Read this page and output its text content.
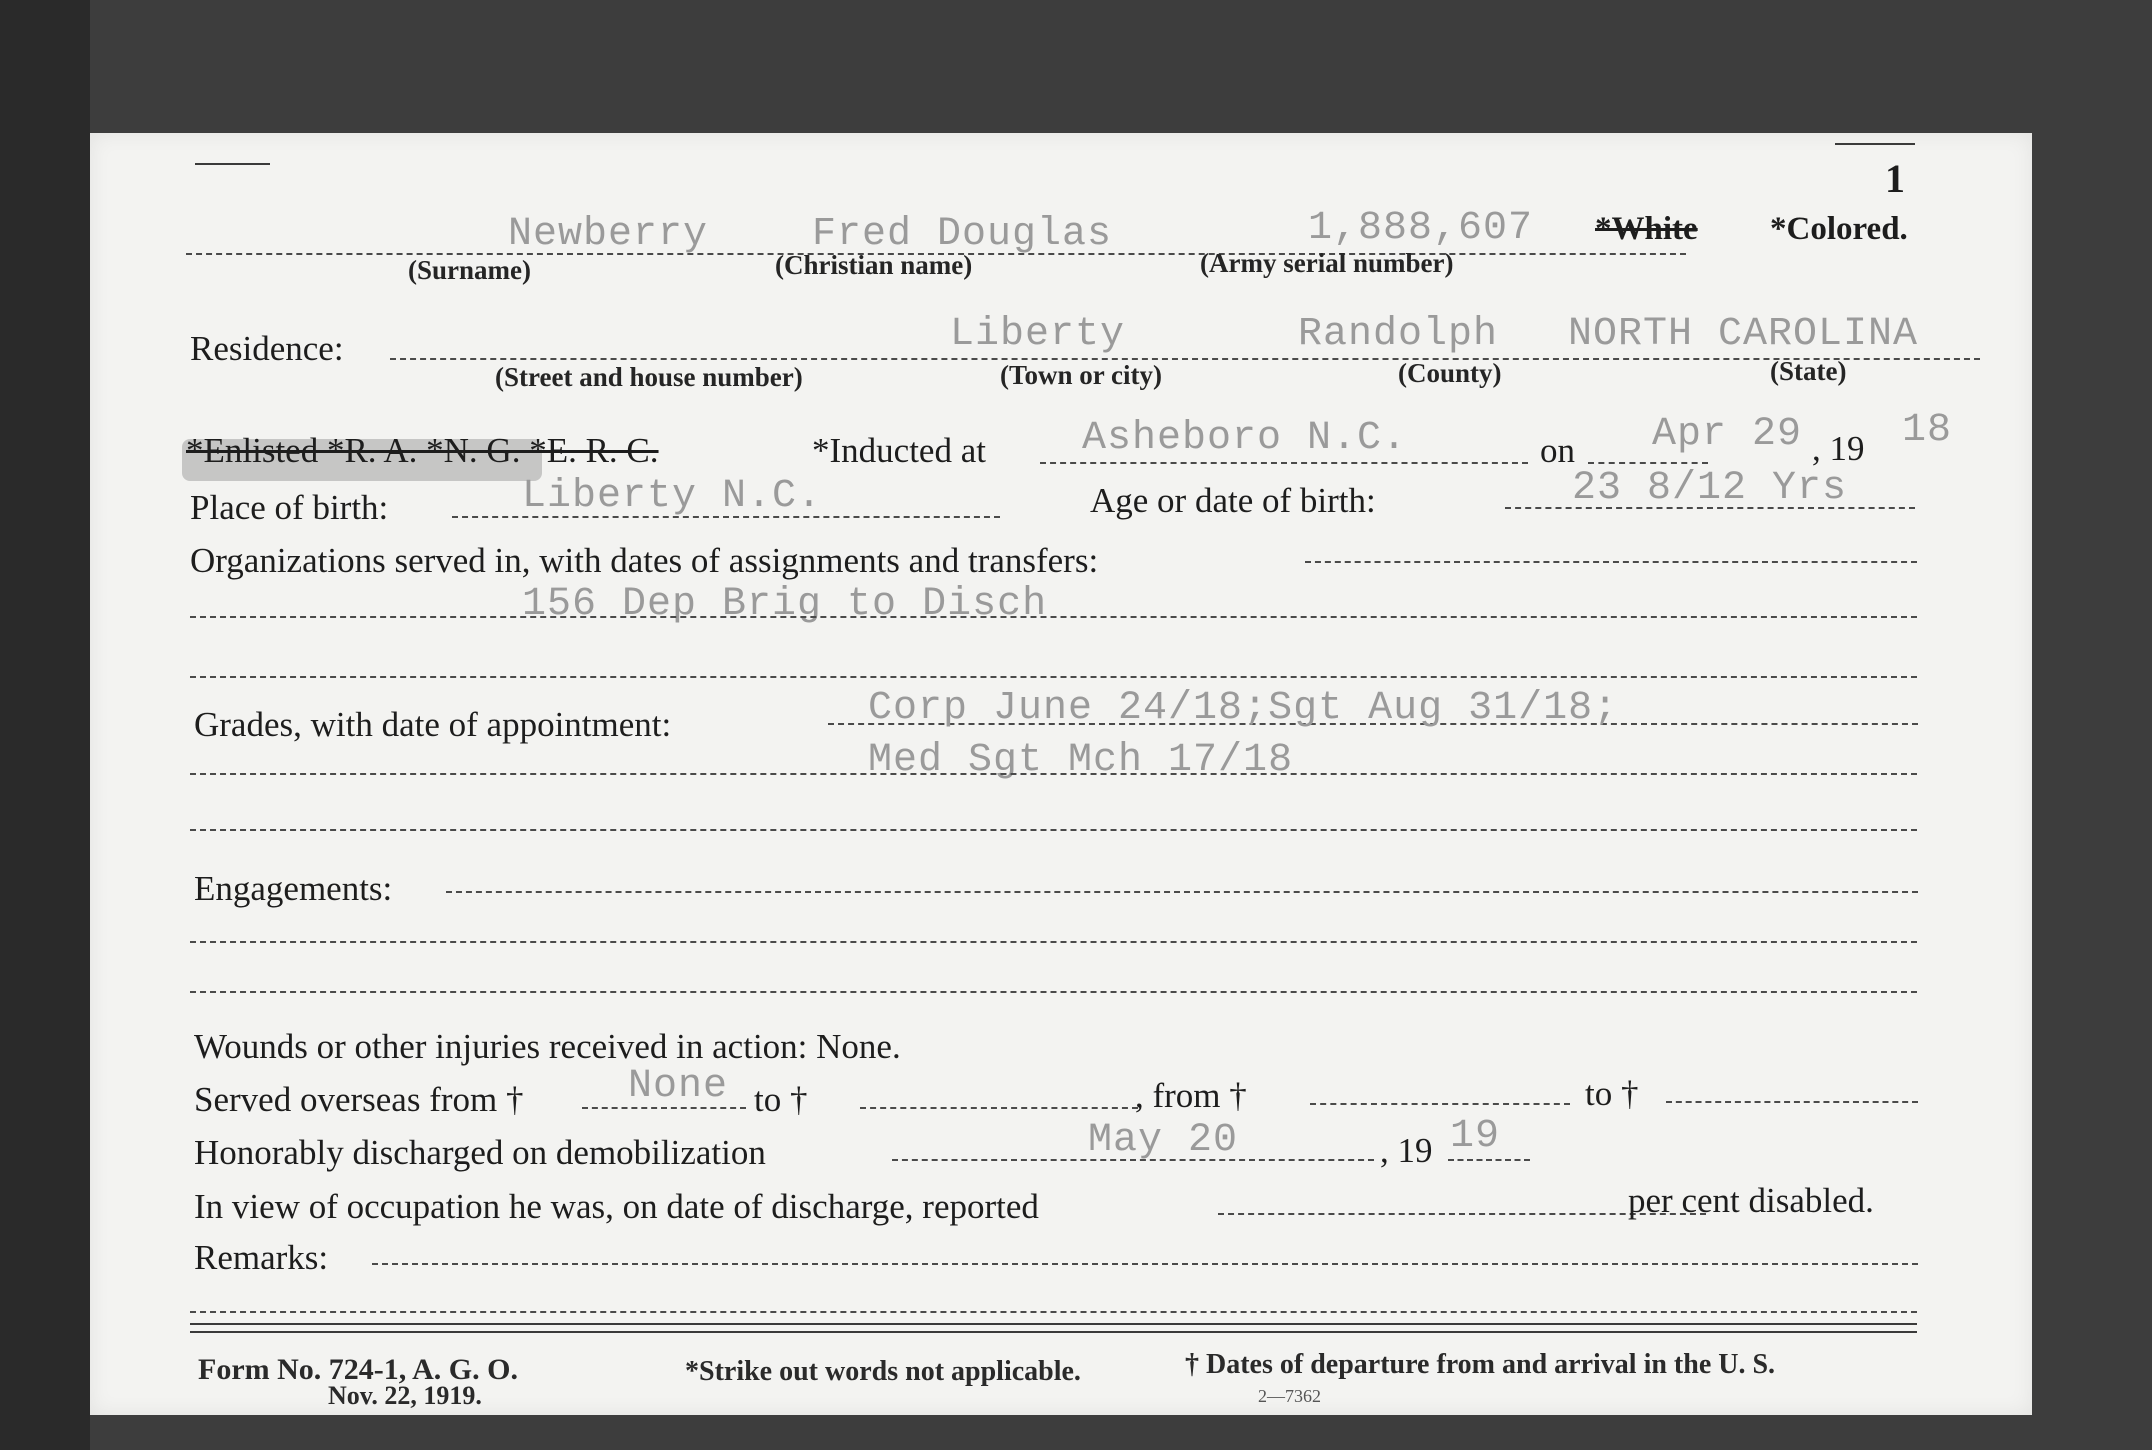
1
Newberry	Fred Douglas	1,888,607 *White *Colored.
(Surname)	(Christian name)	(Army serial number)
Residence:	Liberty	Randolph NORTH CAROLINA
(Street and house number)	(Town or city)	(County)	(State)
*Enlisted *R. A. *N. G. *E. R. C.	*Inducted at Asheboro N.C.	on Apr 29 , 19 18
Place of birth:	Liberty N.C.	Age or date of birth:	23 8/12 Yrs
Organizations served in, with dates of assignments and transfers:
156 Dep Brig to Disch
Grades, with date of appointment:	Corp June 24/18;Sgt Aug 31/18;
Med Sgt Mch 17/18
Engagements:
Wounds or other injuries received in action: None.
Served overseas from †	None to †	, from †	to †
Honorably discharged on demobilization	May 20	, 19 19
In view of occupation he was, on date of discharge, reported	per cent disabled.
Remarks:
Form No. 724-1, A. G. O.
Nov. 22, 1919.
*Strike out words not applicable.	† Dates of departure from and arrival in the U. S.
2—7362
